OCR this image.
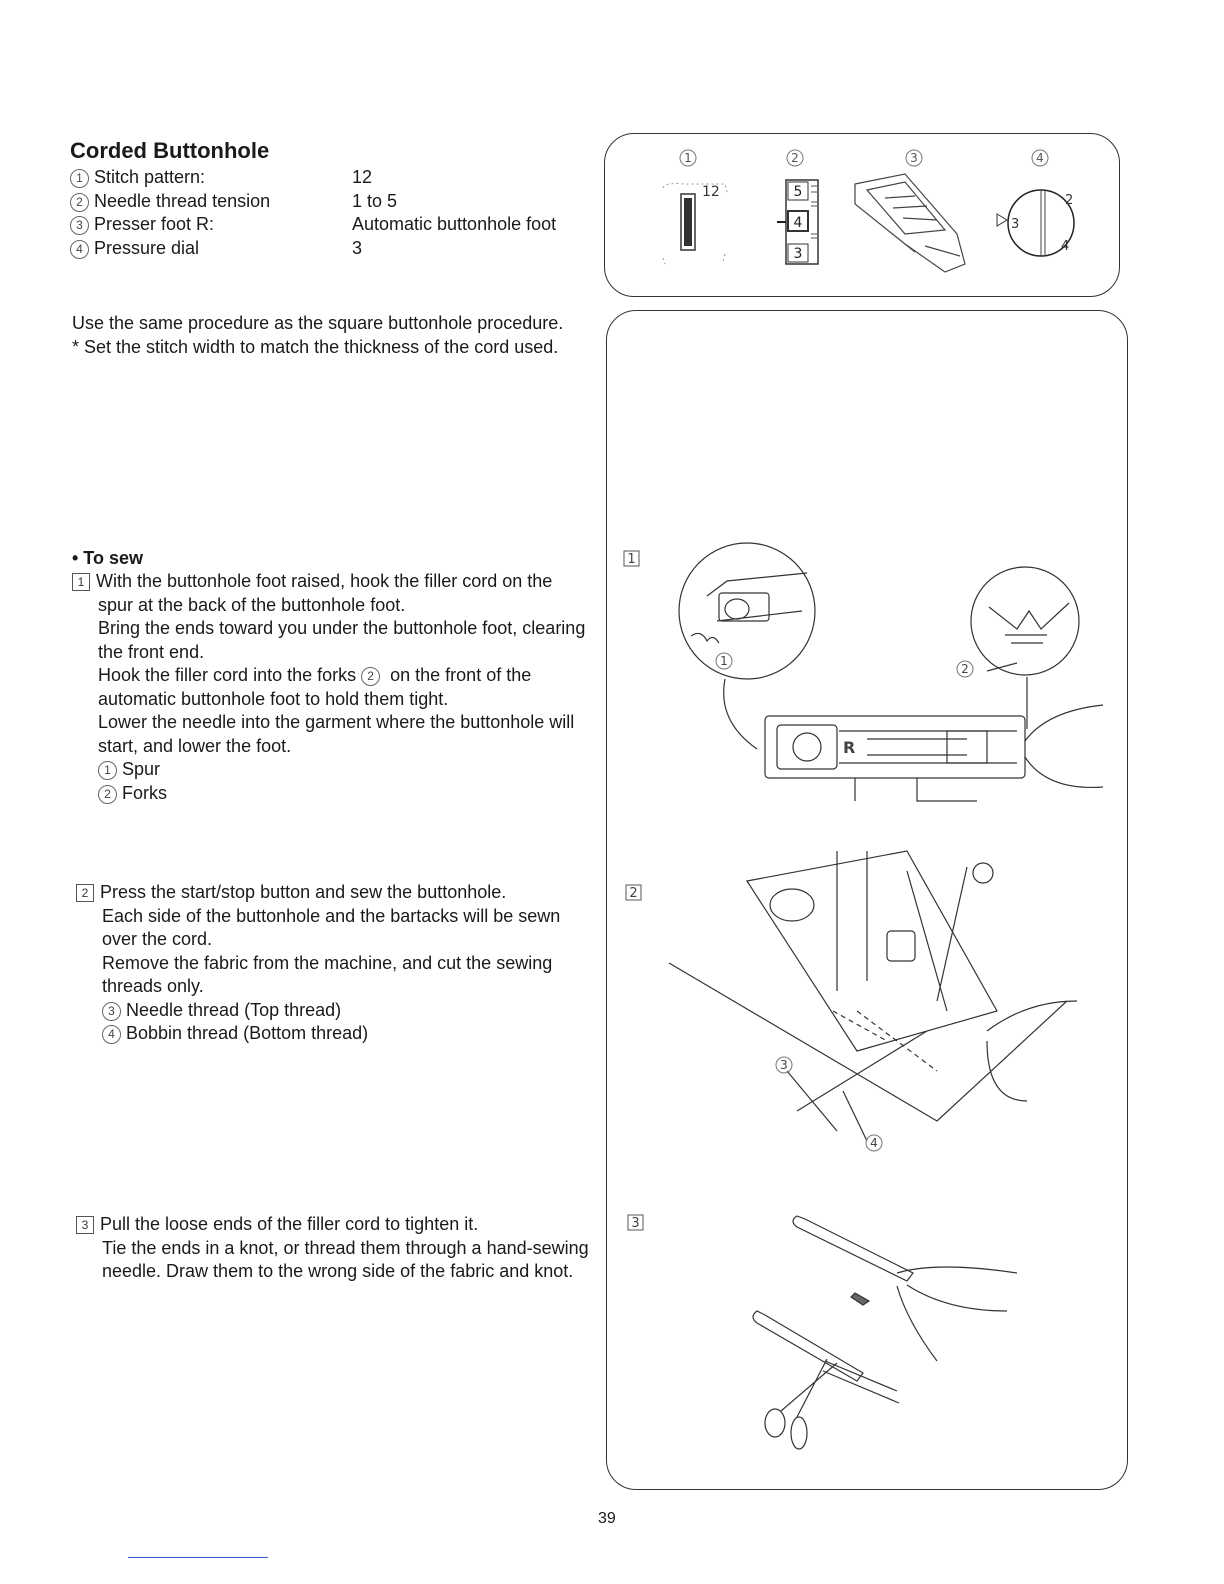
Corded Buttonhole
1 Stitch pattern:	12
2 Needle thread tension	1 to 5
3 Presser foot R:	Automatic buttonhole foot
4 Pressure dial	3
Use the same procedure as the square buttonhole procedure.
* Set the stitch width to match the thickness of the cord used.
• To sew
1 With the buttonhole foot raised, hook the filler cord on the spur at the back of the buttonhole foot.
Bring the ends toward you under the buttonhole foot, clearing the front end.
Hook the filler cord into the forks 2 on the front of the automatic buttonhole foot to hold them tight.
Lower the needle into the garment where the buttonhole will start, and lower the foot.
1 Spur
2 Forks
2 Press the start/stop button and sew the buttonhole.
Each side of the buttonhole and the bartacks will be sewn over the cord.
Remove the fabric from the machine, and cut the sewing threads only.
3 Needle thread (Top thread)
4 Bobbin thread (Bottom thread)
3 Pull the loose ends of the filler cord to tighten it.
Tie the ends in a knot, or thread them through a hand-sewing needle. Draw them to the wrong side of the fabric and knot.
1	2	3	4
12	5
4
3
2
3
4
1
2
3
1
2
R
3
4
39
